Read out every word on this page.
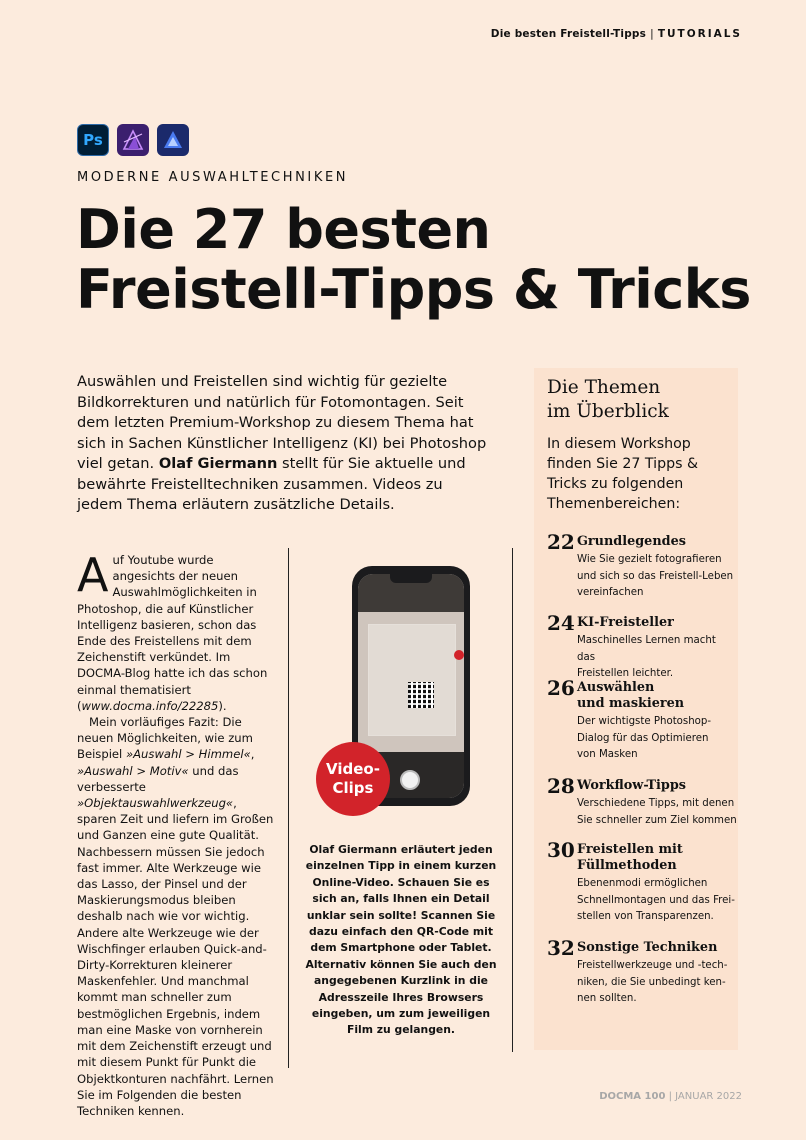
Die besten Freistell-Tipps | TUTORIALS
Ps
MODERNE AUSWAHLTECHNIKEN
Die 27 besten
Freistell-Tipps & Tricks

Auswählen und Freistellen sind wichtig für gezielte Bildkorrekturen und natürlich für Fotomontagen. Seit dem letzten Premium-Workshop zu diesem Thema hat sich in Sachen Künstlicher Intelligenz (KI) bei Photoshop viel getan. Olaf Giermann stellt für Sie aktuelle und bewährte Freistelltechniken zusammen. Videos zu jedem Thema erläutern zusätzliche Details.

Auf Youtube wurde angesichts der neuen Auswahlmöglichkeiten in Photoshop, die auf Künstlicher Intelligenz basieren, schon das Ende des Freistellens mit dem Zeichenstift verkündet. Im DOCMA-Blog hatte ich das schon einmal thematisiert (www.docma.info/22285).

Mein vorläufiges Fazit: Die neuen Möglichkeiten, wie zum Beispiel »Auswahl > Himmel«, »Auswahl > Motiv« und das verbesserte »Objektauswahlwerkzeug«, sparen Zeit und liefern im Großen und Ganzen eine gute Qualität. Nachbessern müssen Sie jedoch fast immer. Alte Werkzeuge wie das Lasso, der Pinsel und der Maskierungsmodus bleiben deshalb nach wie vor wichtig. Andere alte Werkzeuge wie der Wischfinger erlauben Quick-and-Dirty-Korrekturen kleinerer Maskenfehler. Und manchmal kommt man schneller zum bestmöglichen Ergebnis, indem man eine Maske von vornherein mit dem Zeichenstift erzeugt und mit diesem Punkt für Punkt die Objektkonturen nachfährt. Lernen Sie im Folgenden die besten Techniken kennen.

Video-
Clips

Olaf Giermann erläutert jeden einzelnen Tipp in einem kurzen Online-Video. Schauen Sie es sich an, falls Ihnen ein Detail unklar sein sollte! Scannen Sie dazu einfach den QR-Code mit dem Smartphone oder Tablet. Alternativ können Sie auch den angegebenen Kurzlink in die Adresszeile Ihres Browsers eingeben, um zum jeweiligen Film zu gelangen.

Die Themen
im Überblick

In diesem Workshop finden Sie 27 Tipps & Tricks zu folgenden Themenbereichen:

22 Grundlegendes
Wie Sie gezielt fotografieren
und sich so das Freistell-Leben
vereinfachen
24 KI-Freisteller
Maschinelles Lernen macht das
Freistellen leichter.
26 Auswählen
und maskieren
Der wichtigste Photoshop-
Dialog für das Optimieren
von Masken
28 Workflow-Tipps
Verschiedene Tipps, mit denen
Sie schneller zum Ziel kommen
30 Freistellen mit
Füllmethoden
Ebenenmodi ermöglichen
Schnellmontagen und das Frei-
stellen von Transparenzen.
32 Sonstige Techniken
Freistellwerkzeuge und -tech-
niken, die Sie unbedingt ken-
nen sollten.
DOCMA 100 | JANUAR 2022
